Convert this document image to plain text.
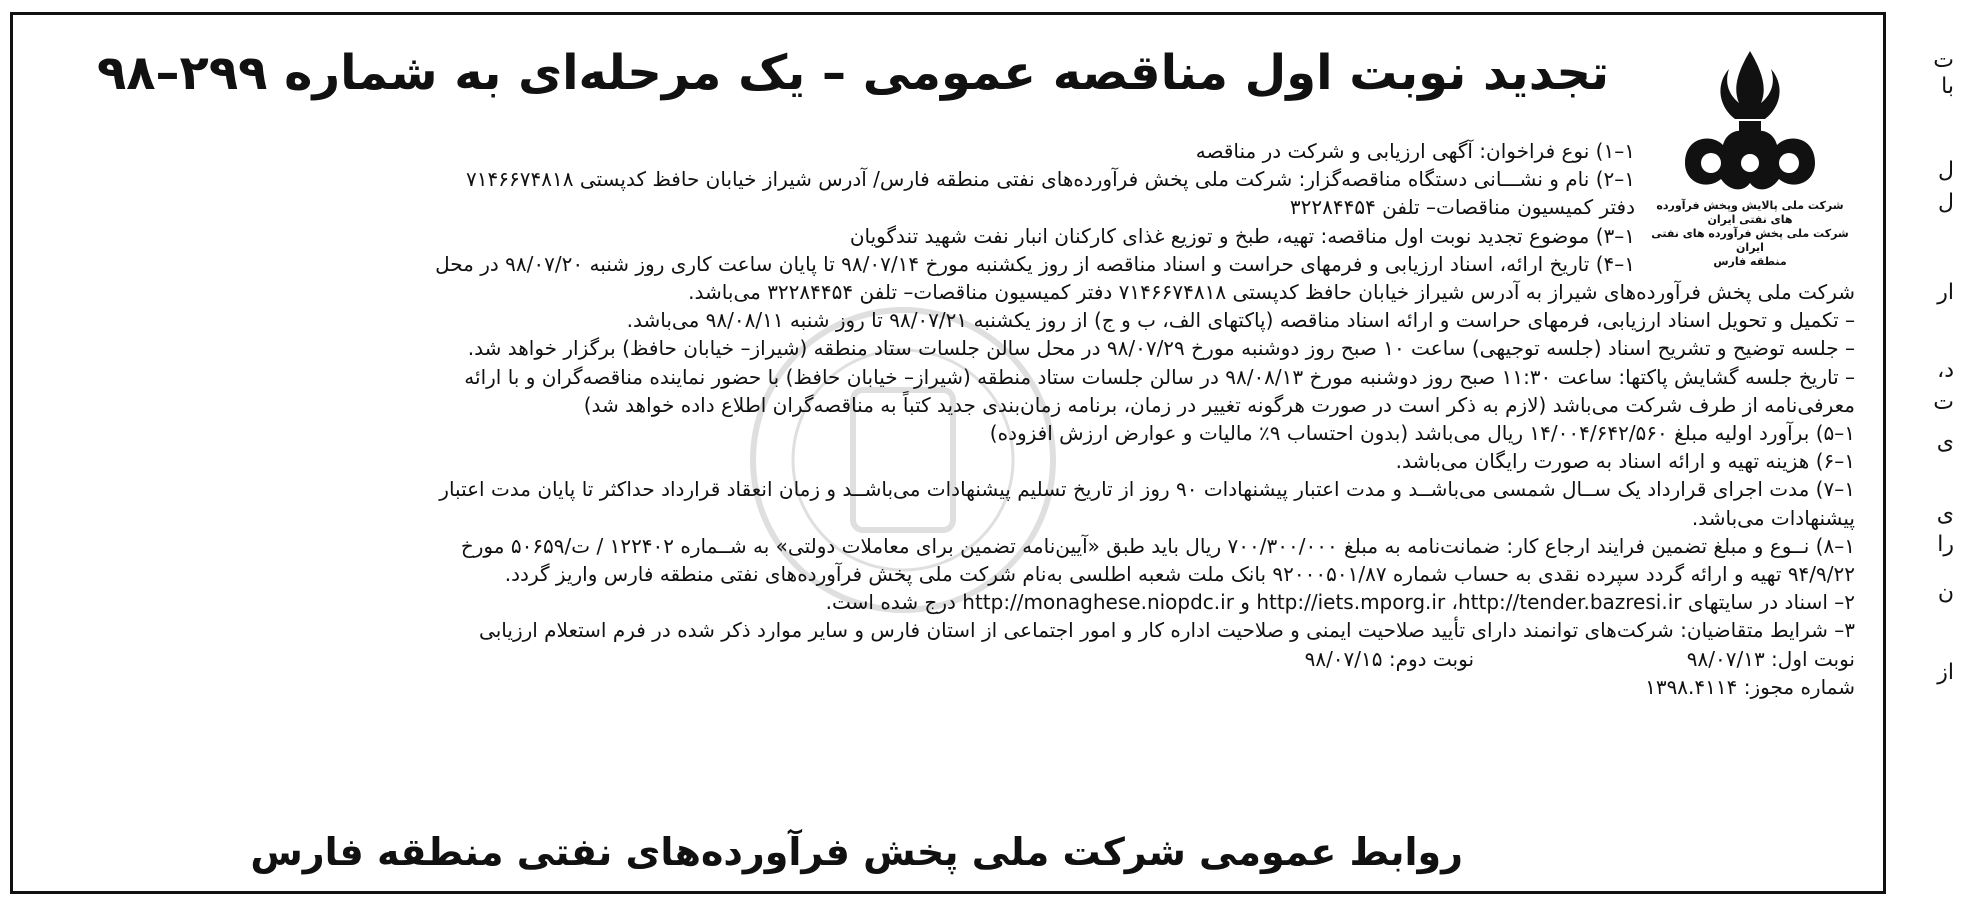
شرکت ملی پالایش وپخش فرآورده های نفتی ایران
شرکت ملی پخش فرآورده های نفتی ایران
منطقه فارس
تجدید نوبت اول مناقصه عمومی – یک مرحله‌ای به شماره ۲۹۹–۹۸
۱–۱) نوع فراخوان: آگهی ارزیابی و شرکت در مناقصه
۱–۲) نام و نشـــانی دستگاه مناقصه‌گزار: شرکت ملی پخش فرآورده‌های نفتی منطقه فارس/ آدرس شیراز خیابان حافظ کدپستی ۷۱۴۶۶۷۴۸۱۸
دفتر کمیسیون مناقصات– تلفن ۳۲۲۸۴۴۵۴
۱–۳) موضوع تجدید نوبت اول مناقصه: تهیه، طبخ و توزیع غذای کارکنان انبار نفت شهید تندگویان
۱–۴) تاریخ ارائه، اسناد ارزیابی و فرمهای حراست و اسناد مناقصه از روز یکشنبه مورخ ۹۸/۰۷/۱۴ تا پایان ساعت کاری روز شنبه ۹۸/۰۷/۲۰ در محل
شرکت ملی پخش فرآورده‌های شیراز به آدرس شیراز خیابان حافظ کدپستی ۷۱۴۶۶۷۴۸۱۸ دفتر کمیسیون مناقصات– تلفن ۳۲۲۸۴۴۵۴ می‌باشد.
– تکمیل و تحویل اسناد ارزیابی، فرمهای حراست و ارائه اسناد مناقصه (پاکتهای الف، ب و ج) از روز یکشنبه ۹۸/۰۷/۲۱ تا روز شنبه ۹۸/۰۸/۱۱ می‌باشد.
– جلسه توضیح و تشریح اسناد (جلسه توجیهی) ساعت ۱۰ صبح روز دوشنبه مورخ ۹۸/۰۷/۲۹ در محل سالن جلسات ستاد منطقه (شیراز– خیابان حافظ) برگزار خواهد شد.
– تاریخ جلسه گشایش پاکتها: ساعت ۱۱:۳۰ صبح روز دوشنبه مورخ ۹۸/۰۸/۱۳ در سالن جلسات ستاد منطقه (شیراز– خیابان حافظ) با حضور نماینده مناقصه‌گران و با ارائه
معرفی‌نامه از طرف شرکت می‌باشد (لازم به ذکر است در صورت هرگونه تغییر در زمان، برنامه زمان‌بندی جدید کتباً به مناقصه‌گران اطلاع داده خواهد شد)
۱–۵) برآورد اولیه مبلغ ۱۴/۰۰۴/۶۴۲/۵۶۰ ریال می‌باشد (بدون احتساب ۹٪ مالیات و عوارض ارزش افزوده)
۱–۶) هزینه تهیه و ارائه اسناد به صورت رایگان می‌باشد.
۱–۷) مدت اجرای قرارداد یک ســال شمسی می‌باشــد و مدت اعتبار پیشنهادات ۹۰ روز از تاریخ تسلیم پیشنهادات می‌باشــد و زمان انعقاد قرارداد حداکثر تا پایان مدت اعتبار
پیشنهادات می‌باشد.
۱–۸) نــوع و مبلغ تضمین فرایند ارجاع کار: ضمانت‌نامه به مبلغ ۷۰۰/۳۰۰/۰۰۰ ریال باید طبق «آیین‌نامه تضمین برای معاملات دولتی» به شــماره ۱۲۲۴۰۲ / ت/۵۰۶۵۹ مورخ
۹۴/۹/۲۲ تهیه و ارائه گردد سپرده نقدی به حساب شماره ۹۲۰۰۰۵۰۱/۸۷ بانک ملت شعبه اطلسی به‌نام شرکت ملی پخش فرآورده‌های نفتی منطقه فارس واریز گردد.
۲– اسناد در سایتهای http://iets.mporg.ir ،http://tender.bazresi.ir و http://monaghese.niopdc.ir درج شده است.
۳– شرایط متقاضیان: شرکت‌های توانمند دارای تأیید صلاحیت ایمنی و صلاحیت اداره کار و امور اجتماعی از استان فارس و سایر موارد ذکر شده در فرم استعلام ارزیابی
نوبت اول: ۹۸/۰۷/۱۳  نوبت دوم: ۹۸/۰۷/۱۵
شماره مجوز: ۱۳۹۸.۴۱۱۴
روابط عمومی شرکت ملی پخش فرآورده‌های نفتی منطقه فارس
ت
با
ل
ل
ار
د،
ت
ی
ی
را
ن
از
